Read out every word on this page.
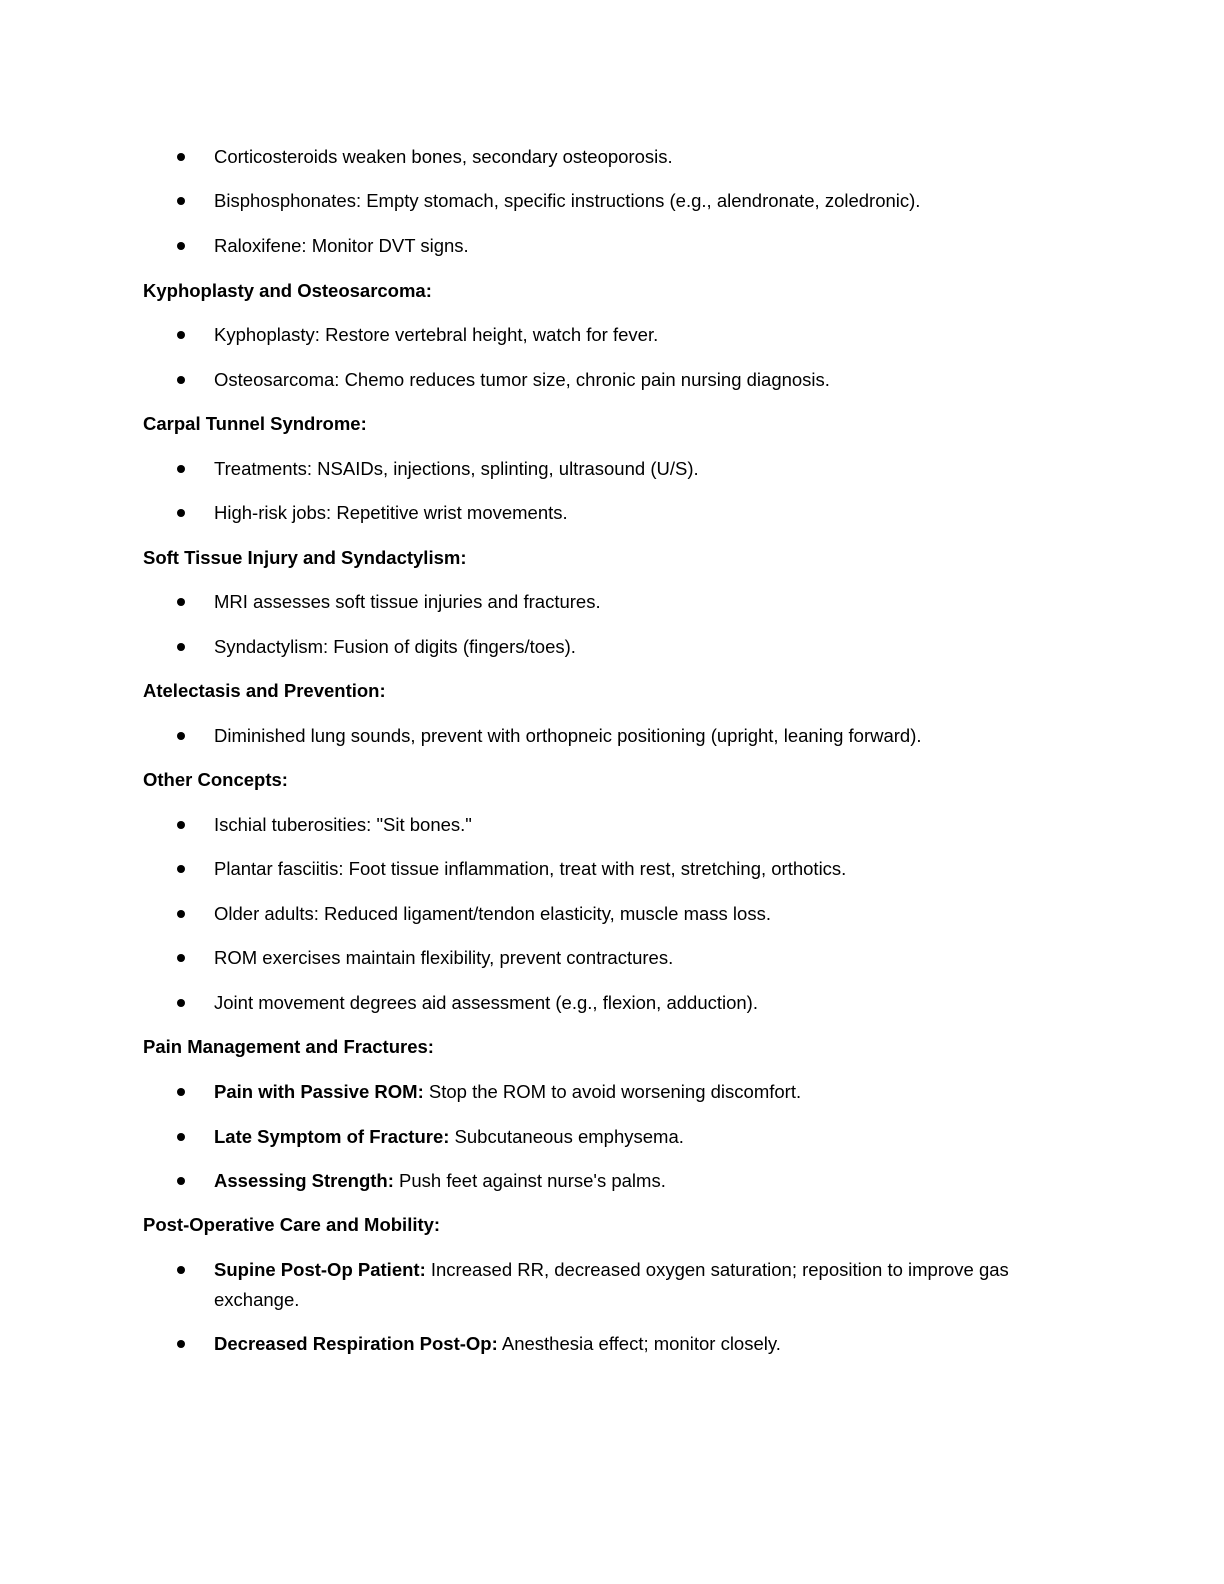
Corticosteroids weaken bones, secondary osteoporosis.
Bisphosphonates: Empty stomach, specific instructions (e.g., alendronate, zoledronic).
Raloxifene: Monitor DVT signs.
Kyphoplasty and Osteosarcoma:
Kyphoplasty: Restore vertebral height, watch for fever.
Osteosarcoma: Chemo reduces tumor size, chronic pain nursing diagnosis.
Carpal Tunnel Syndrome:
Treatments: NSAIDs, injections, splinting, ultrasound (U/S).
High-risk jobs: Repetitive wrist movements.
Soft Tissue Injury and Syndactylism:
MRI assesses soft tissue injuries and fractures.
Syndactylism: Fusion of digits (fingers/toes).
Atelectasis and Prevention:
Diminished lung sounds, prevent with orthopneic positioning (upright, leaning forward).
Other Concepts:
Ischial tuberosities: "Sit bones."
Plantar fasciitis: Foot tissue inflammation, treat with rest, stretching, orthotics.
Older adults: Reduced ligament/tendon elasticity, muscle mass loss.
ROM exercises maintain flexibility, prevent contractures.
Joint movement degrees aid assessment (e.g., flexion, adduction).
Pain Management and Fractures:
Pain with Passive ROM: Stop the ROM to avoid worsening discomfort.
Late Symptom of Fracture: Subcutaneous emphysema.
Assessing Strength: Push feet against nurse's palms.
Post-Operative Care and Mobility:
Supine Post-Op Patient: Increased RR, decreased oxygen saturation; reposition to improve gas exchange.
Decreased Respiration Post-Op: Anesthesia effect; monitor closely.
